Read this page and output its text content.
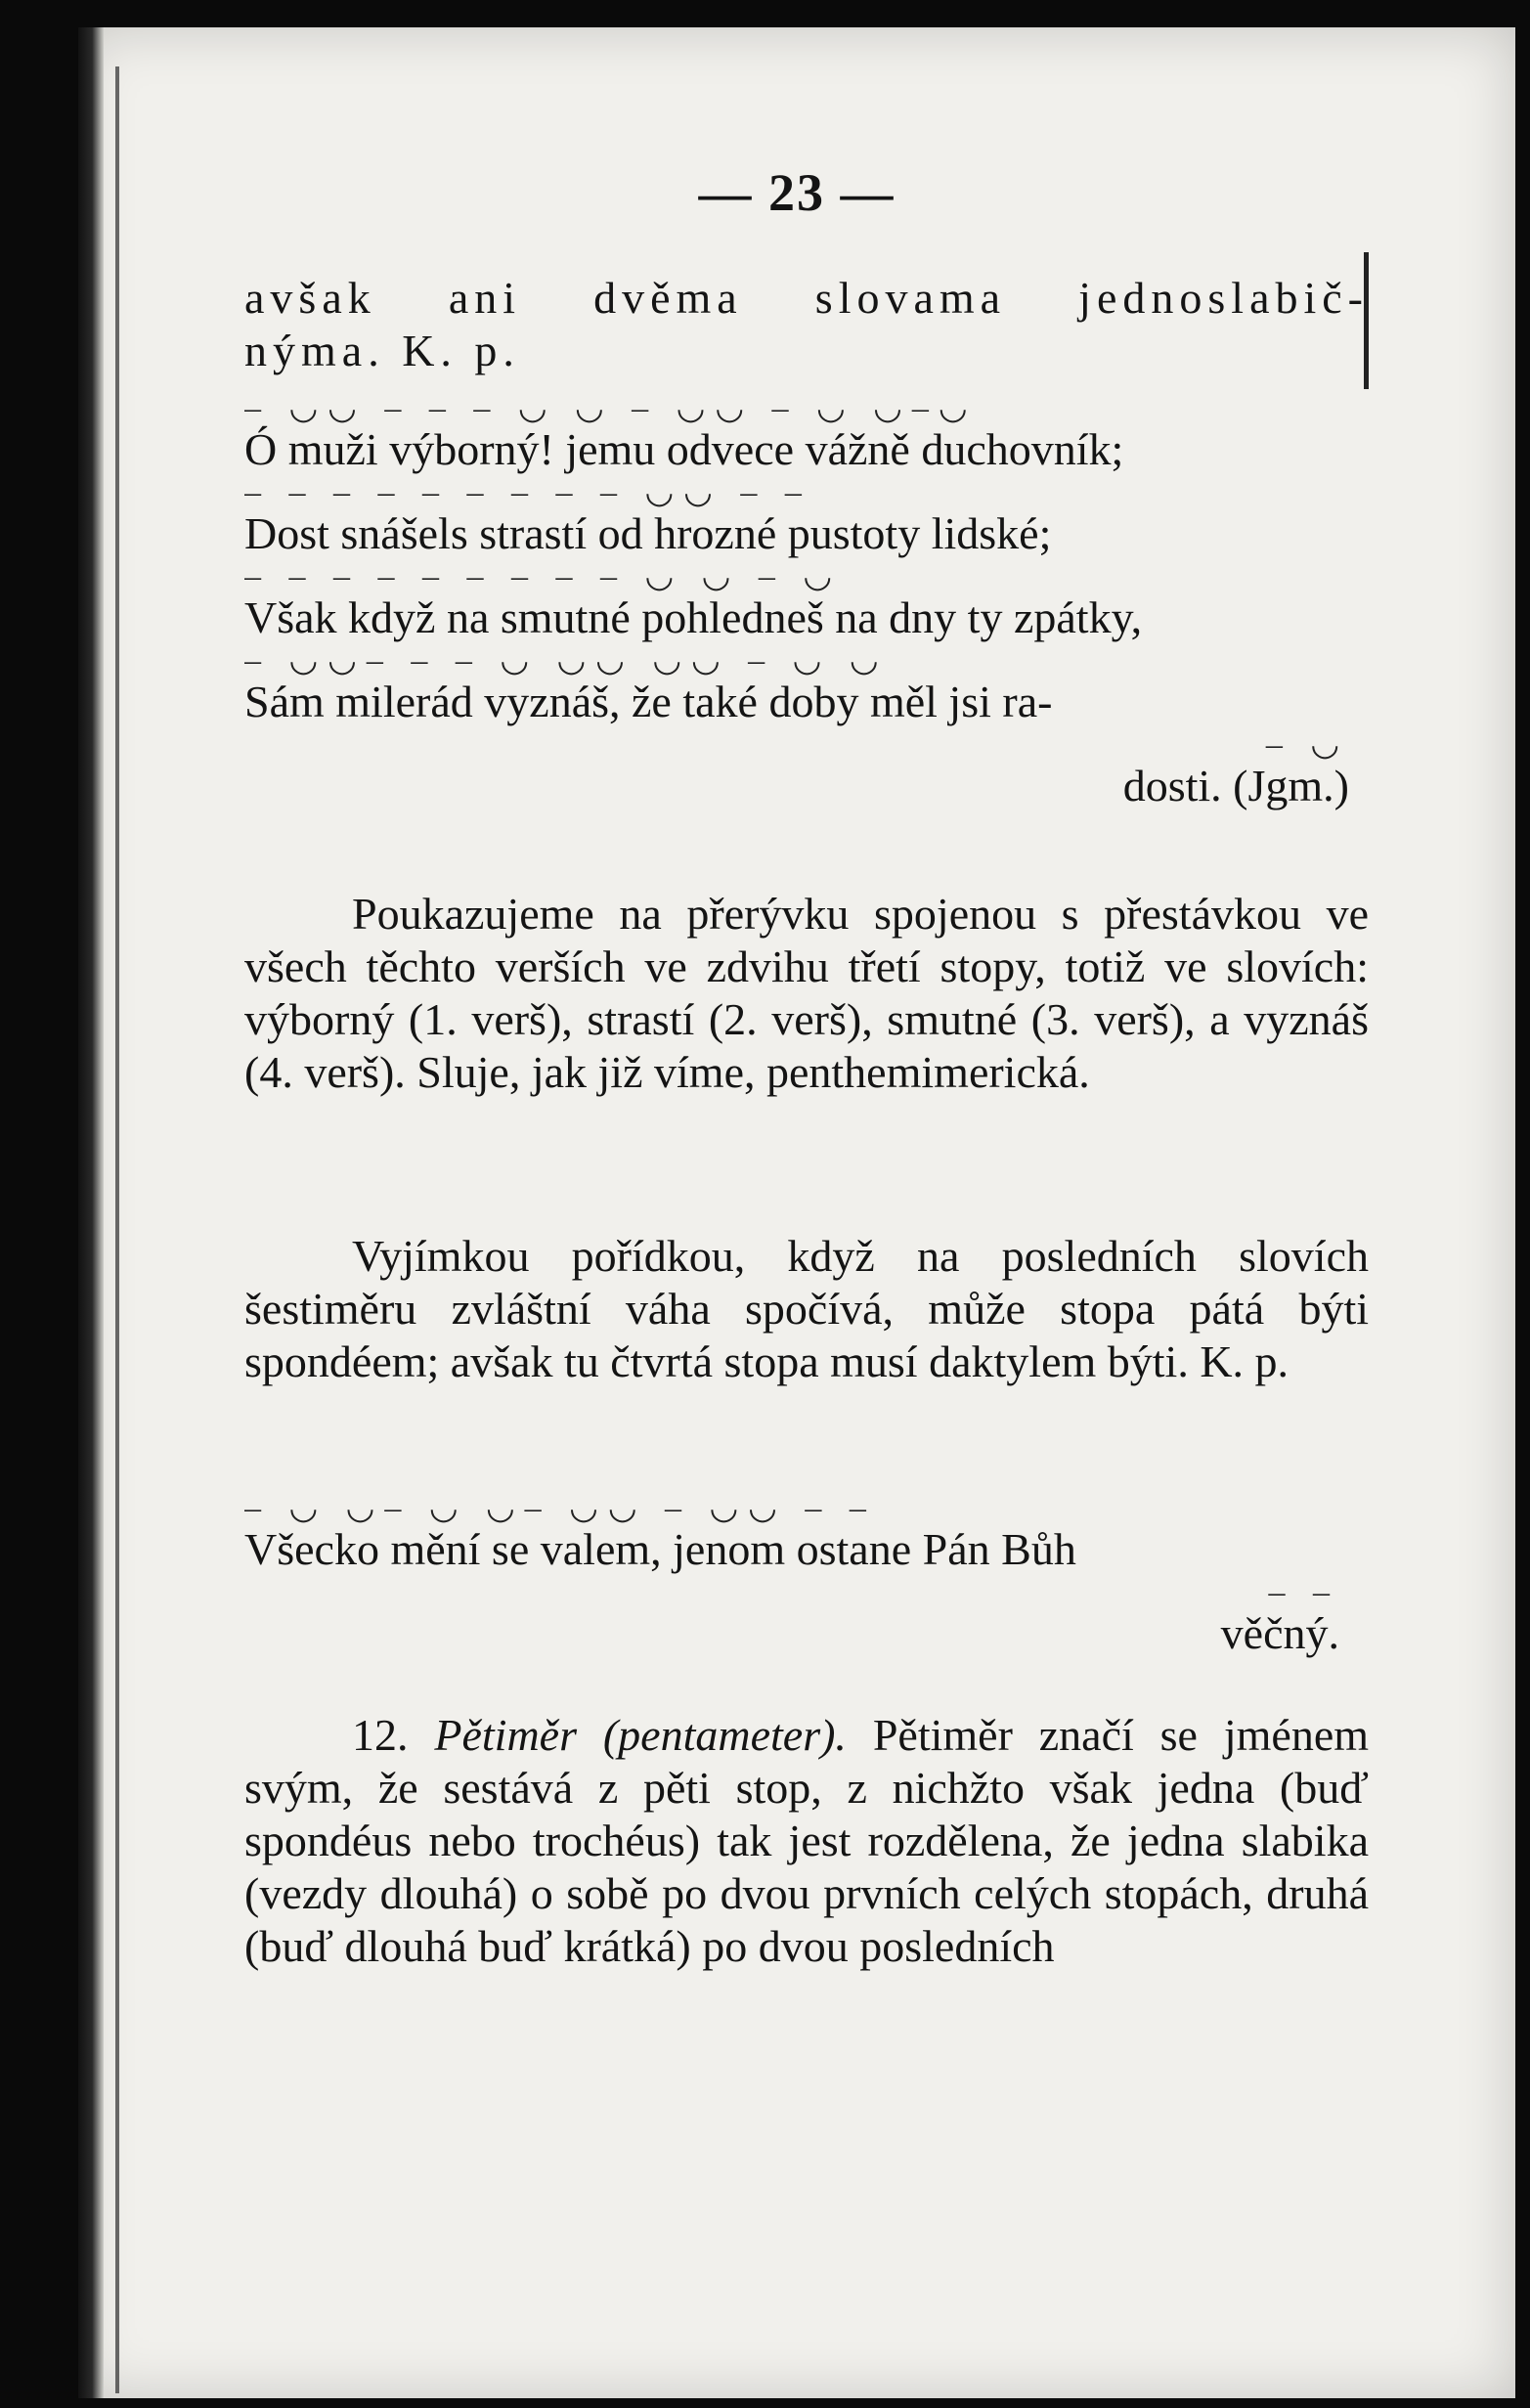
— 23 —

avšak ani dvěma slovama jednoslabič-

nýma. K. p.

– ◡◡ – – – ◡ ◡ – ◡◡ – ◡ ◡–◡
Ó muži výborný! jemu odvece vážně duchovník;
– – – – – – – – – ◡◡ – –
Dost snášels strastí od hrozné pustoty lidské;
– – – – – – – – – ◡ ◡ – ◡
Však když na smutné pohledneš na dny ty zpátky,
– ◡◡– – – ◡ ◡◡ ◡◡ – ◡ ◡
Sám milerád vyznáš, že také doby měl jsi ra-
– ◡
dosti. (Jgm.)

Poukazujeme na přerývku spojenou s přestávkou ve všech těchto verších ve zdvihu třetí stopy, totiž ve slovích: výborný (1. verš), strastí (2. verš), smutné (3. verš), a vyznáš (4. verš). Sluje, jak již víme, penthemimerická.

Vyjímkou pořídkou, když na posledních slovích šestiměru zvláštní váha spočívá, může stopa pátá býti spondéem; avšak tu čtvrtá stopa musí daktylem býti. K. p.

– ◡ ◡– ◡ ◡– ◡◡ – ◡◡ – –
Všecko mění se valem, jenom ostane Pán Bůh
– –
věčný.

12. Pětiměr (pentameter). Pětiměr značí se jménem svým, že sestává z pěti stop, z nichžto však jedna (buď spondéus nebo trochéus) tak jest rozdělena, že jedna slabika (vezdy dlouhá) o sobě po dvou prvních celých stopách, druhá (buď dlouhá buď krátká) po dvou posledních
